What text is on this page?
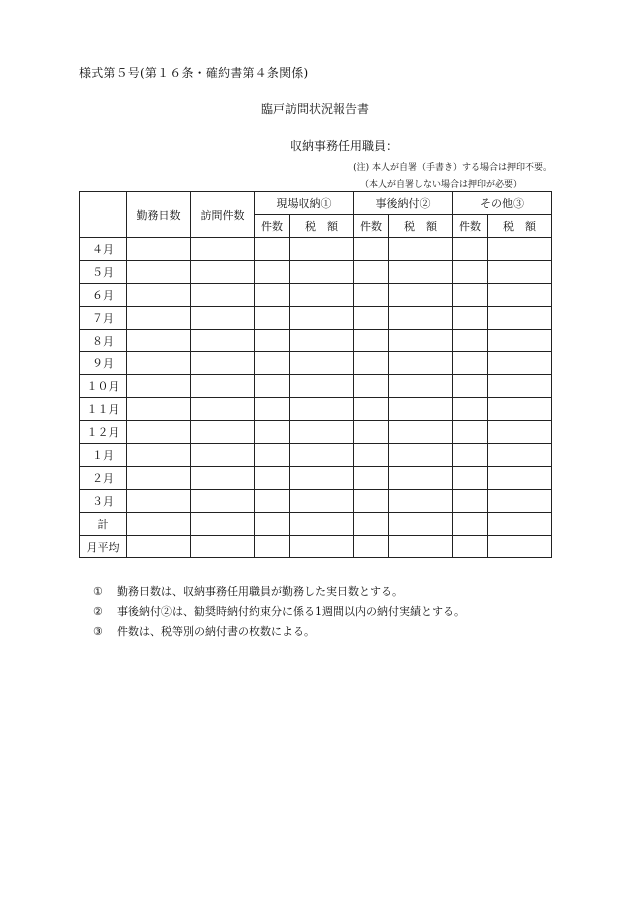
様式第５号(第１６条・確約書第４条関係)
臨戸訪問状況報告書
収納事務任用職員：
(注) 本人が自署（手書き）する場合は押印不要。
（本人が自署しない場合は押印が必要）
	勤務日数	訪問件数	現場収納①		事後納付②		その他③	
			件数	税　額	件数	税　額	件数	税　額
４月								
５月								
６月								
７月								
８月								
９月								
１０月								
１１月								
１２月								
１月								
２月								
３月								
計								
月平均								
① 勤務日数は、収納事務任用職員が勤務した実日数とする。
② 事後納付②は、勧奨時納付約束分に係る1週間以内の納付実績とする。
③ 件数は、税等別の納付書の枚数による。
